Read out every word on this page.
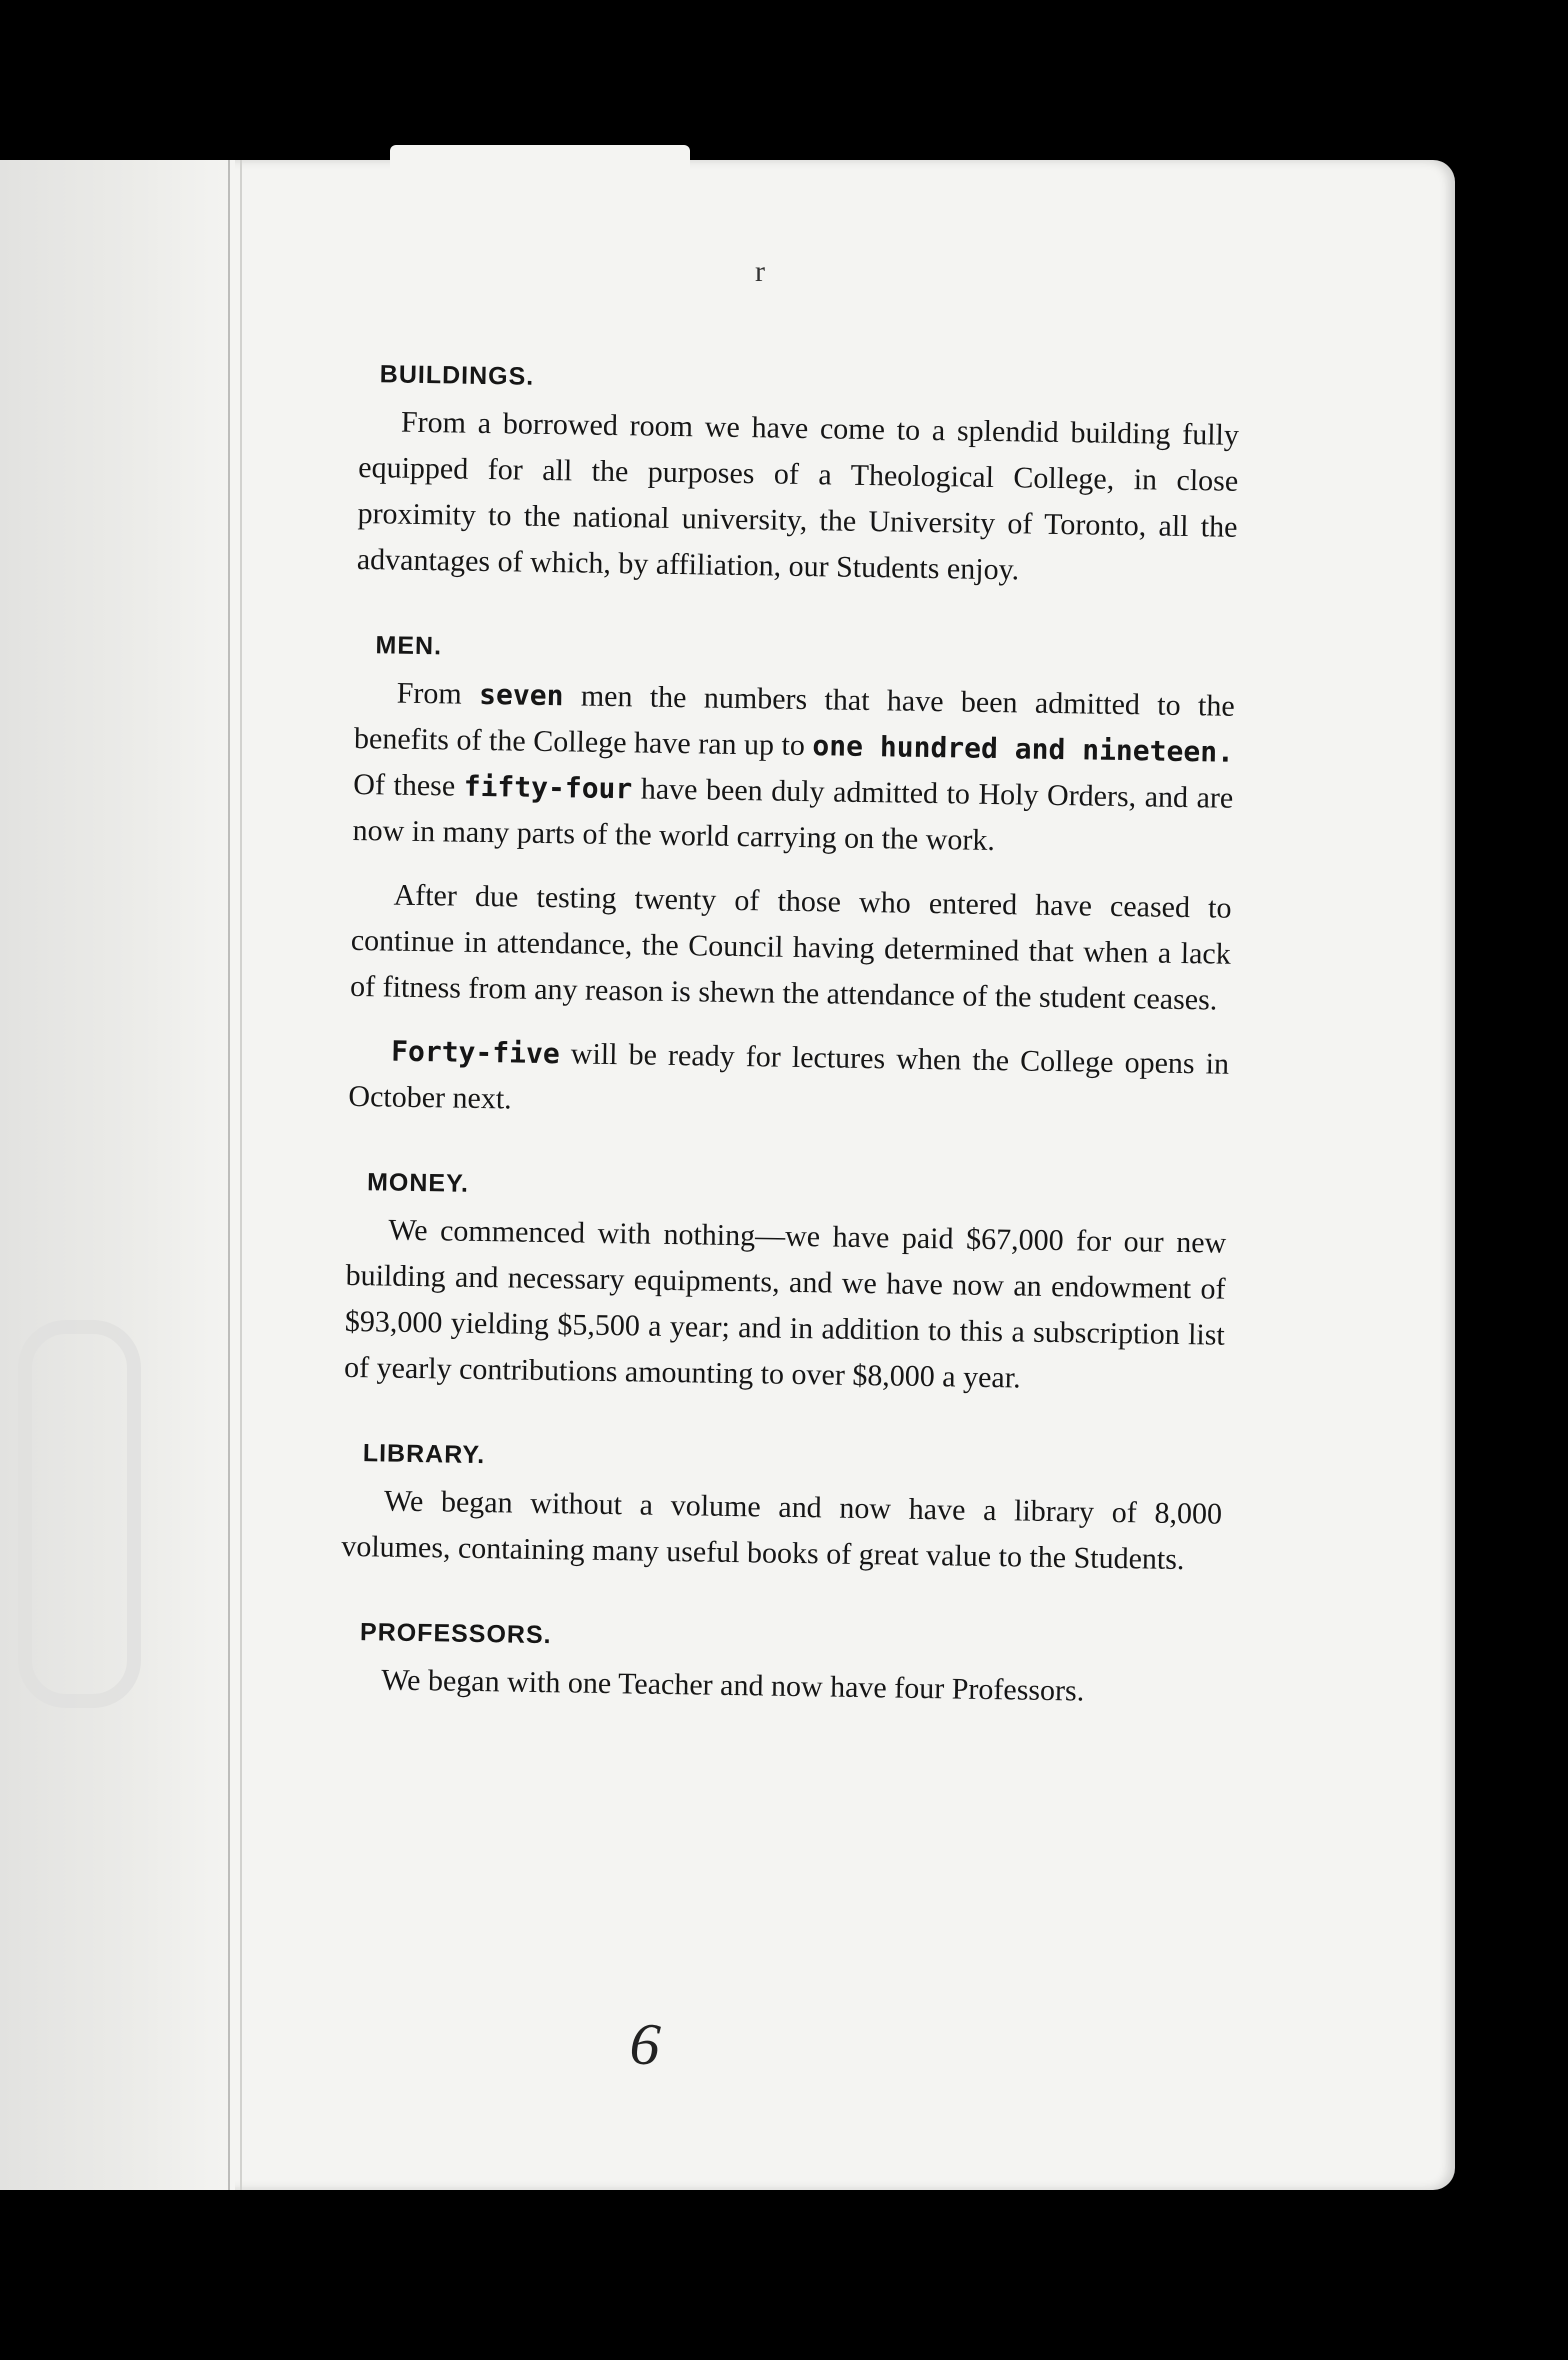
r

BUILDINGS.

From a borrowed room we have come to a splendid building fully equipped for all the purposes of a Theological College, in close proximity to the national university, the University of Toronto, all the advantages of which, by affiliation, our Students enjoy.

MEN.

From seven men the numbers that have been admitted to the benefits of the College have ran up to one hundred and nineteen. Of these fifty-four have been duly admitted to Holy Orders, and are now in many parts of the world carrying on the work.

After due testing twenty of those who entered have ceased to continue in attendance, the Council having determined that when a lack of fitness from any reason is shewn the attendance of the student ceases.

Forty-five will be ready for lectures when the College opens in October next.

MONEY.

We commenced with nothing—we have paid $67,000 for our new building and necessary equipments, and we have now an endowment of $93,000 yielding $5,500 a year; and in addition to this a subscription list of yearly contributions amounting to over $8,000 a year.

LIBRARY.

We began without a volume and now have a library of 8,000 volumes, containing many useful books of great value to the Students.

PROFESSORS.

We began with one Teacher and now have four Professors.

6
